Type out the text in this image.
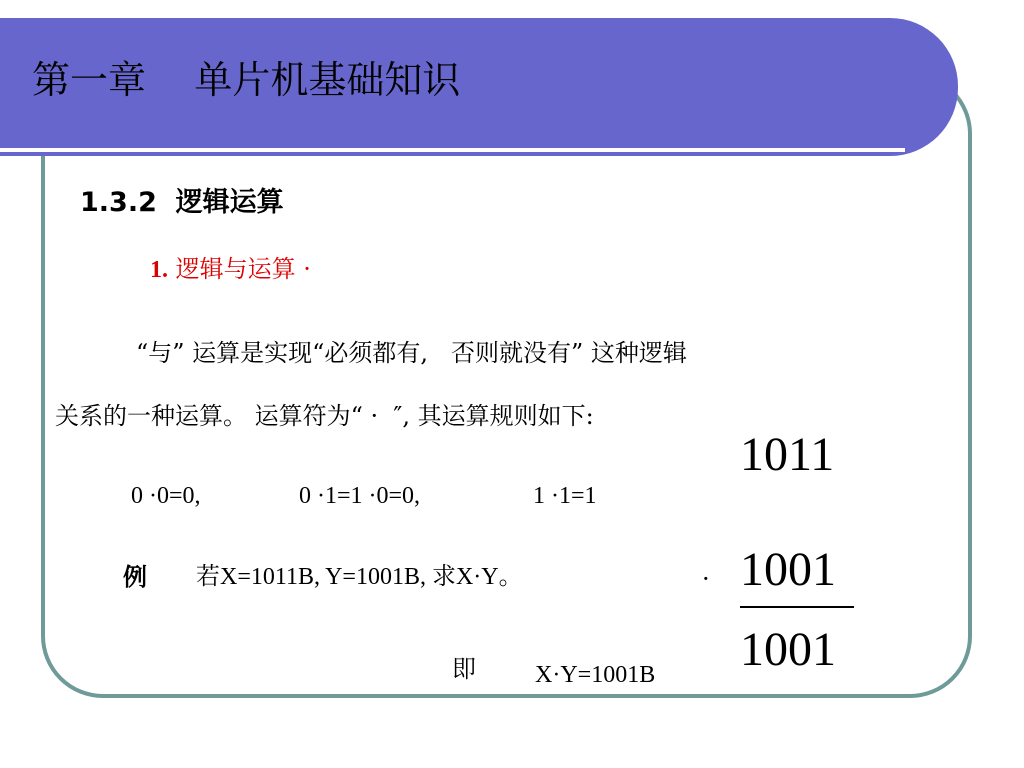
第一章    单片机基础知识
1.3.2  逻辑运算
1. 逻辑与运算 ·
“与” 运算是实现“必须都有,   否则就没有” 这种逻辑
关系的一种运算。 运算符为“ ·  ″, 其运算规则如下:
0 ·0=0,	0 ·1=1 ·0=0,	1 ·1=1
例 若X=1011B, Y=1001B, 求X·Y。	·
1011
1001
1001
即 X·Y=1001B
